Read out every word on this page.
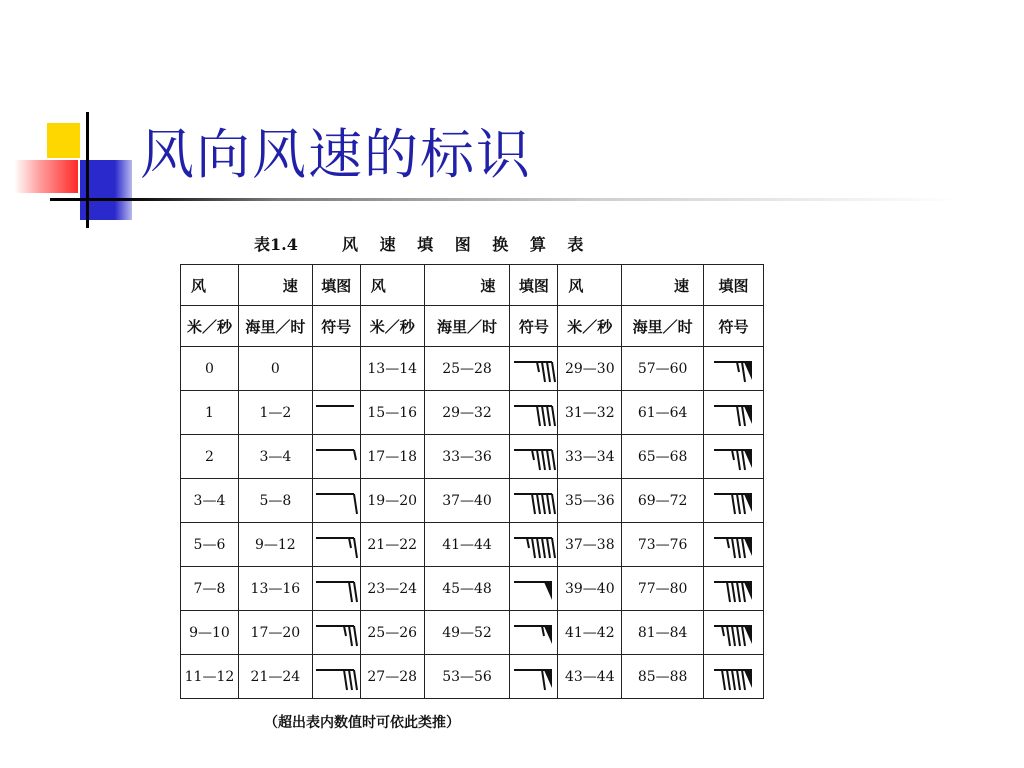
风向风速的标识
表1.4	风 速 填 图 换 算 表
风	速	填图	风	速	填图	风	速	填图
米／秒	海里／时	符号	米／秒	海里／时	符号	米／秒	海里／时	符号
0	0		13—14	25—28		29—30	57—60	

1	1—2		15—16	29—32		31—32	61—64	

2	3—4		17—18	33—36		33—34	65—68	

3—4	5—8		19—20	37—40		35—36	69—72	

5—6	9—12		21—22	41—44		37—38	73—76	

7—8	13—16		23—24	45—48		39—40	77—80	

9—10	17—20		25—26	49—52		41—42	81—84	

11—12	21—24		27—28	53—56		43—44	85—88	
（超出表内数值时可依此类推）
